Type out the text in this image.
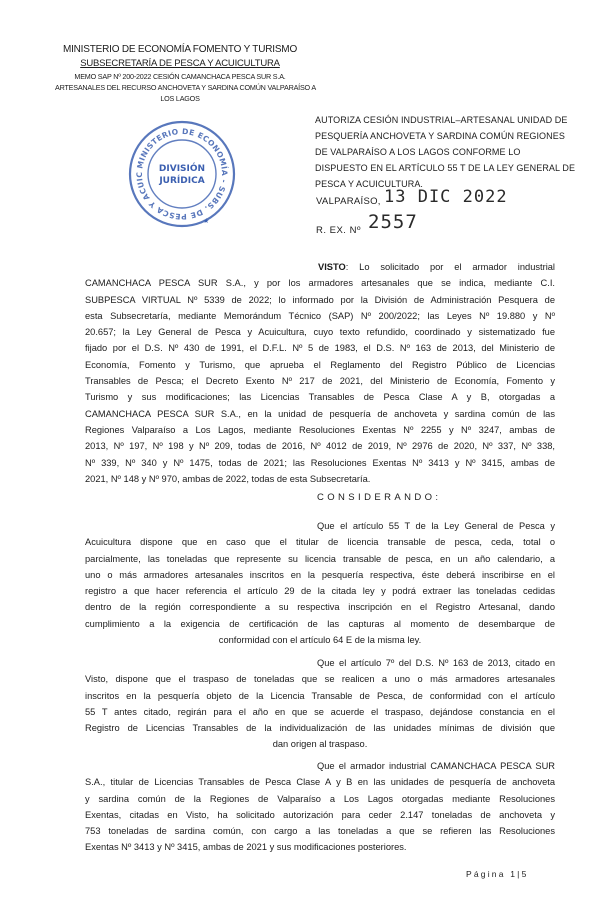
MINISTERIO DE ECONOMÍA FOMENTO Y TURISMO
SUBSECRETARÍA DE PESCA Y ACUICULTURA
MEMO SAP Nº 200-2022 CESIÓN CAMANCHACA PESCA SUR S.A.
ARTESANALES DEL RECURSO ANCHOVETA Y SARDINA COMÚN VALPARAÍSO A
LOS LAGOS
MINISTERIO DE ECONOMÍA - SUBS. DE PESCA Y ACUIC
DIVISIÓN
JURÍDICA
★
AUTORIZA CESIÓN INDUSTRIAL–ARTESANAL UNIDAD DE
PESQUERÍA ANCHOVETA Y SARDINA COMÚN REGIONES
DE VALPARAÍSO A LOS LAGOS CONFORME LO
DISPUESTO EN EL ARTÍCULO 55 T DE LA LEY GENERAL DE
PESCA Y ACUICULTURA.
VALPARAÍSO, 13 DIC 2022
R. EX. Nº 2557
VISTO: Lo solicitado por el armador industrial
CAMANCHACA PESCA SUR S.A., y por los armadores artesanales que se indica, mediante C.I.
SUBPESCA VIRTUAL Nº 5339 de 2022; lo informado por la División de Administración Pesquera de
esta Subsecretaría, mediante Memorándum Técnico (SAP) Nº 200/2022; las Leyes Nº 19.880 y Nº
20.657; la Ley General de Pesca y Acuicultura, cuyo texto refundido, coordinado y sistematizado fue
fijado por el D.S. Nº 430 de 1991, el D.F.L. Nº 5 de 1983, el D.S. Nº 163 de 2013, del Ministerio de
Economía, Fomento y Turismo, que aprueba el Reglamento del Registro Público de Licencias
Transables de Pesca; el Decreto Exento Nº 217 de 2021, del Ministerio de Economía, Fomento y
Turismo y sus modificaciones; las Licencias Transables de Pesca Clase A y B, otorgadas a
CAMANCHACA PESCA SUR S.A., en la unidad de pesquería de anchoveta y sardina común de las
Regiones Valparaíso a Los Lagos, mediante Resoluciones Exentas Nº 2255 y Nº 3247, ambas de
2013, Nº 197, Nº 198 y Nº 209, todas de 2016, Nº 4012 de 2019, Nº 2976 de 2020, Nº 337, Nº 338,
Nº 339, Nº 340 y Nº 1475, todas de 2021; las Resoluciones Exentas Nº 3413 y Nº 3415, ambas de
2021, Nº 148 y Nº 970, ambas de 2022, todas de esta Subsecretaría.
CONSIDERANDO:
Que el artículo 55 T de la Ley General de Pesca y
Acuicultura dispone que en caso que el titular de licencia transable de pesca, ceda, total o
parcialmente, las toneladas que represente su licencia transable de pesca, en un año calendario, a
uno o más armadores artesanales inscritos en la pesquería respectiva, éste deberá inscribirse en el
registro a que hacer referencia el artículo 29 de la citada ley y podrá extraer las toneladas cedidas
dentro de la región correspondiente a su respectiva inscripción en el Registro Artesanal, dando
cumplimiento a la exigencia de certificación de las capturas al momento de desembarque de
conformidad con el artículo 64 E de la misma ley.
Que el artículo 7º del D.S. Nº 163 de 2013, citado en
Visto, dispone que el traspaso de toneladas que se realicen a uno o más armadores artesanales
inscritos en la pesquería objeto de la Licencia Transable de Pesca, de conformidad con el artículo
55 T antes citado, regirán para el año en que se acuerde el traspaso, dejándose constancia en el
Registro de Licencias Transables de la individualización de las unidades mínimas de división que
dan origen al traspaso.
Que el armador industrial CAMANCHACA PESCA SUR
S.A., titular de Licencias Transables de Pesca Clase A y B en las unidades de pesquería de anchoveta
y sardina común de la Regiones de Valparaíso a Los Lagos otorgadas mediante Resoluciones
Exentas, citadas en Visto, ha solicitado autorización para ceder 2.147 toneladas de anchoveta y
753 toneladas de sardina común, con cargo a las toneladas a que se refieren las Resoluciones
Exentas Nº 3413 y Nº 3415, ambas de 2021 y sus modificaciones posteriores.
Página 1|5
